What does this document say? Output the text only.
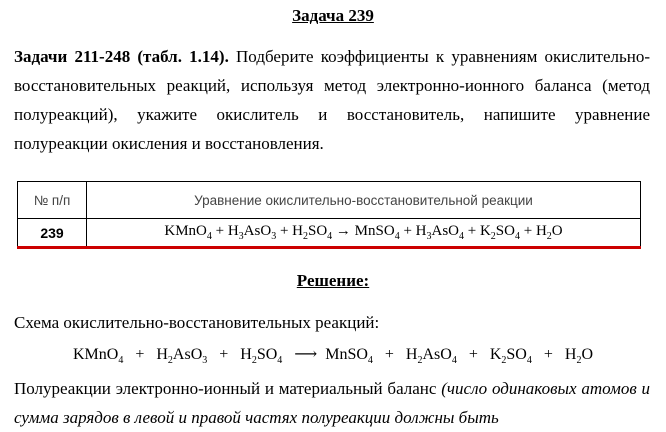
Задача 239
Задачи 211-248 (табл. 1.14). Подберите коэффициенты к уравнениям окислительно-восстановительных реакций, используя метод электронно-ионного баланса (метод полуреакций), укажите окислитель и восстановитель, напишите уравнение полуреакции окисления и восстановления.
№ п/п	Уравнение окислительно-восстановительной реакции
239	KMnO$_4$ + $H_3AsO_3 + H_2SO_4$ → MnSO$_4$ + $H_3AsO_4 + K_2SO_4 + H_2O$
Решение:
Схема окислительно-восстановительных реакций:
KMnO$_4$   +   $H_2AsO_3 + H_2SO_4$   ⟶  MnSO$_4$   +   $H_2AsO_4 + K_2SO_4 + H_2O$
Полуреакции электронно-ионный и материальный баланс (число одинаковых атомов и сумма зарядов в левой и правой частях полуреакции должны быть
